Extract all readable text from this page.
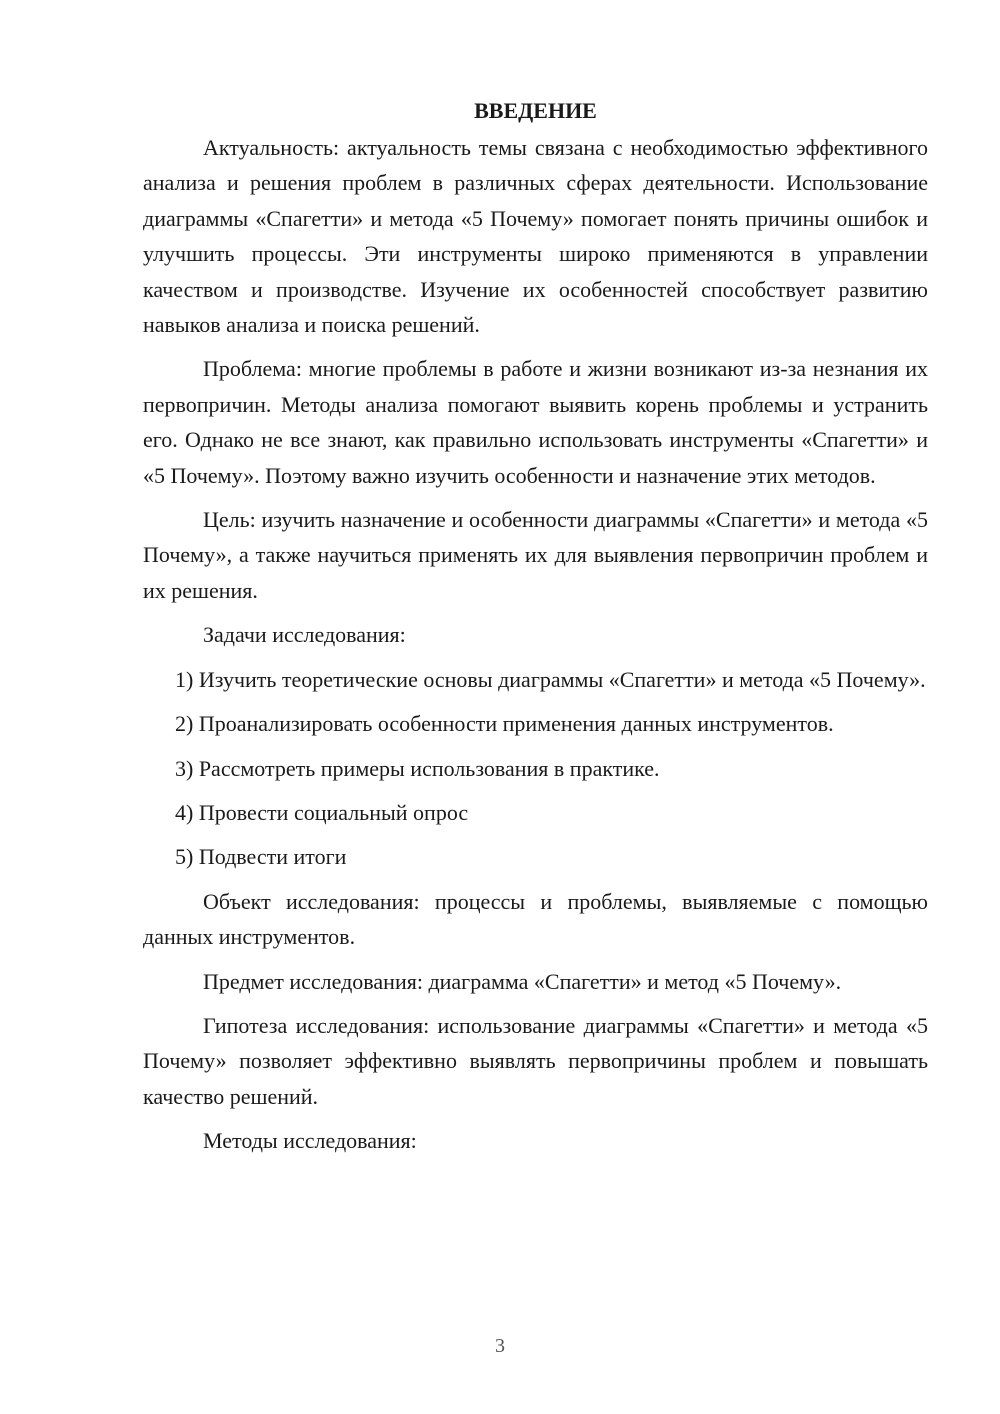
ВВЕДЕНИЕ

Актуальность: актуальность темы связана с необходимостью эффективного анализа и решения проблем в различных сферах деятельности. Использование диаграммы «Спагетти» и метода «5 Почему» помогает понять причины ошибок и улучшить процессы. Эти инструменты широко применяются в управлении качеством и производстве. Изучение их особенностей способствует развитию навыков анализа и поиска решений.

Проблема: многие проблемы в работе и жизни возникают из-за незнания их первопричин. Методы анализа помогают выявить корень проблемы и устранить его. Однако не все знают, как правильно использовать инструменты «Спагетти» и «5 Почему». Поэтому важно изучить особенности и назначение этих методов.

Цель: изучить назначение и особенности диаграммы «Спагетти» и метода «5 Почему», а также научиться применять их для выявления первопричин проблем и их решения.

Задачи исследования:

1) Изучить теоретические основы диаграммы «Спагетти» и метода «5 Почему».

2) Проанализировать особенности применения данных инструментов.

3) Рассмотреть примеры использования в практике.

4) Провести социальный опрос

5) Подвести итоги

Объект исследования: процессы и проблемы, выявляемые с помощью данных инструментов.

Предмет исследования: диаграмма «Спагетти» и метод «5 Почему».

Гипотеза исследования: использование диаграммы «Спагетти» и метода «5 Почему» позволяет эффективно выявлять первопричины проблем и повышать качество решений.

Методы исследования:

3
